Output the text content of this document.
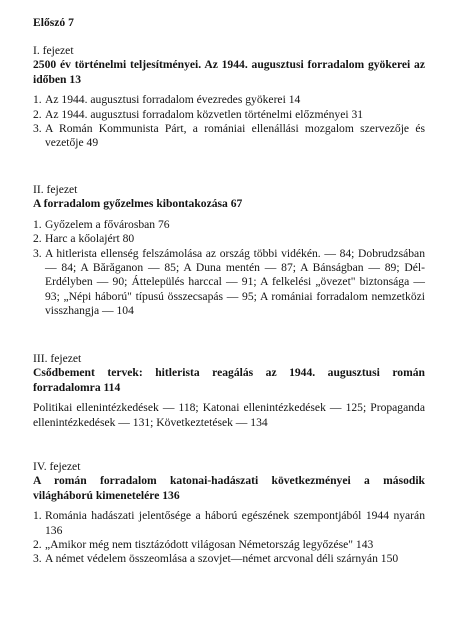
Előszó 7
I. fejezet
2500 év történelmi teljesítményei. Az 1944. augusztusi forradalom gyökerei az időben 13
1. Az 1944. augusztusi forradalom évezredes gyökerei 14
2. Az 1944. augusztusi forradalom közvetlen történelmi előzményei 31
3. A Román Kommunista Párt, a romániai ellenállási mozgalom szervezője és vezetője 49
II. fejezet
A forradalom győzelmes kibontakozása 67
1. Győzelem a fővárosban 76
2. Harc a kőolajért 80
3. A hitlerista ellenség felszámolása az ország többi vidékén. — 84; Dobrudzsában — 84; A Bărăganon — 85; A Duna mentén — 87; A Bánságban — 89; Dél-Erdélyben — 90; Áttelepülés harccal — 91; A felkelési „övezet" biztonsága — 93; „Népi háború" típusú összecsapás — 95; A romániai forradalom nemzetközi visszhangja — 104
III. fejezet
Csődbement tervek: hitlerista reagálás az 1944. augusztusi román forradalomra 114
Politikai ellenintézkedések — 118; Katonai ellenintézkedések — 125; Propaganda ellenintézkedések — 131; Következtetések — 134
IV. fejezet
A román forradalom katonai-hadászati következményei a második világháború kimenetelére 136
1. Románia hadászati jelentősége a háború egészének szempontjából 1944 nyarán 136
2. „Amikor még nem tisztázódott világosan Németország legyőzése" 143
3. A német védelem összeomlása a szovjet—német arcvonal déli szárnyán 150
